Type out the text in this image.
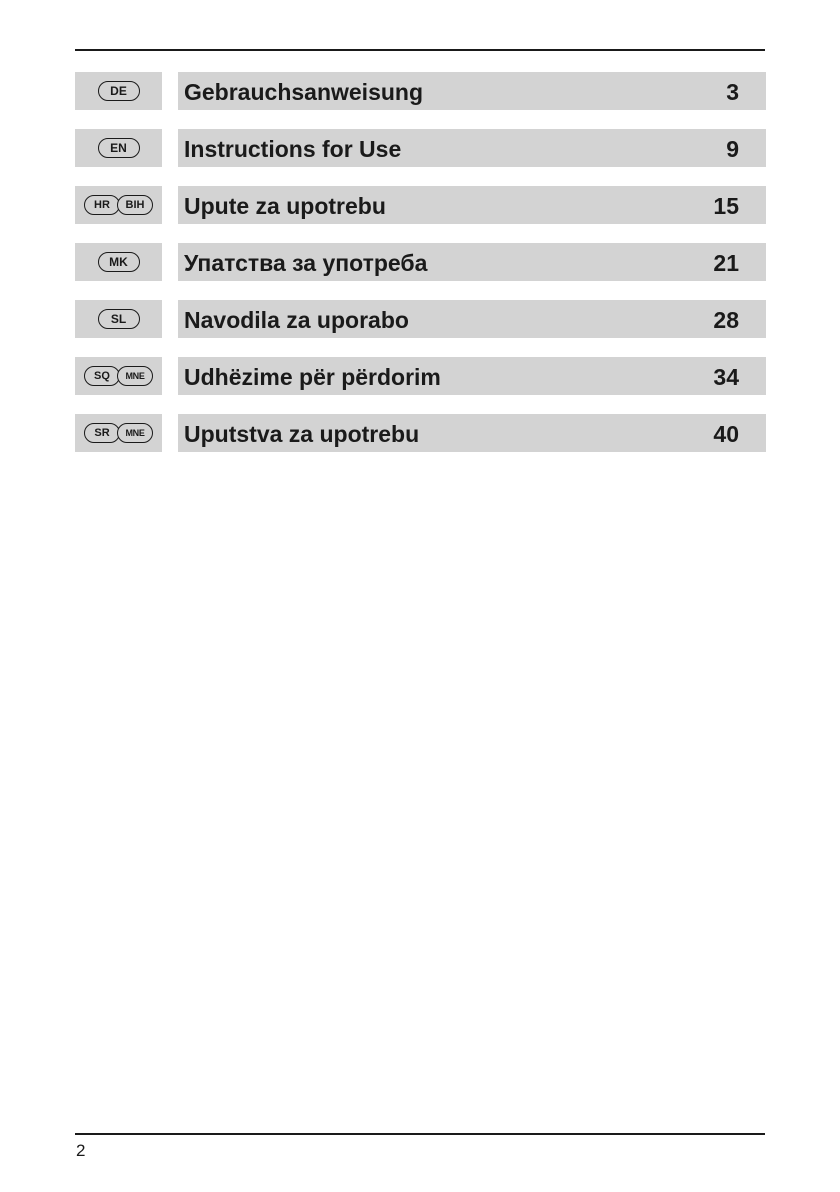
DE	Gebrauchsanweisung	3
EN	Instructions for Use	9
HR	BIH	Upute za upotrebu	15
MK	Упатства за употреба	21
SL	Navodila za uporabo	28
SQ	MNE	Udhëzime për përdorim	34
SR	MNE	Uputstva za upotrebu	40
2
